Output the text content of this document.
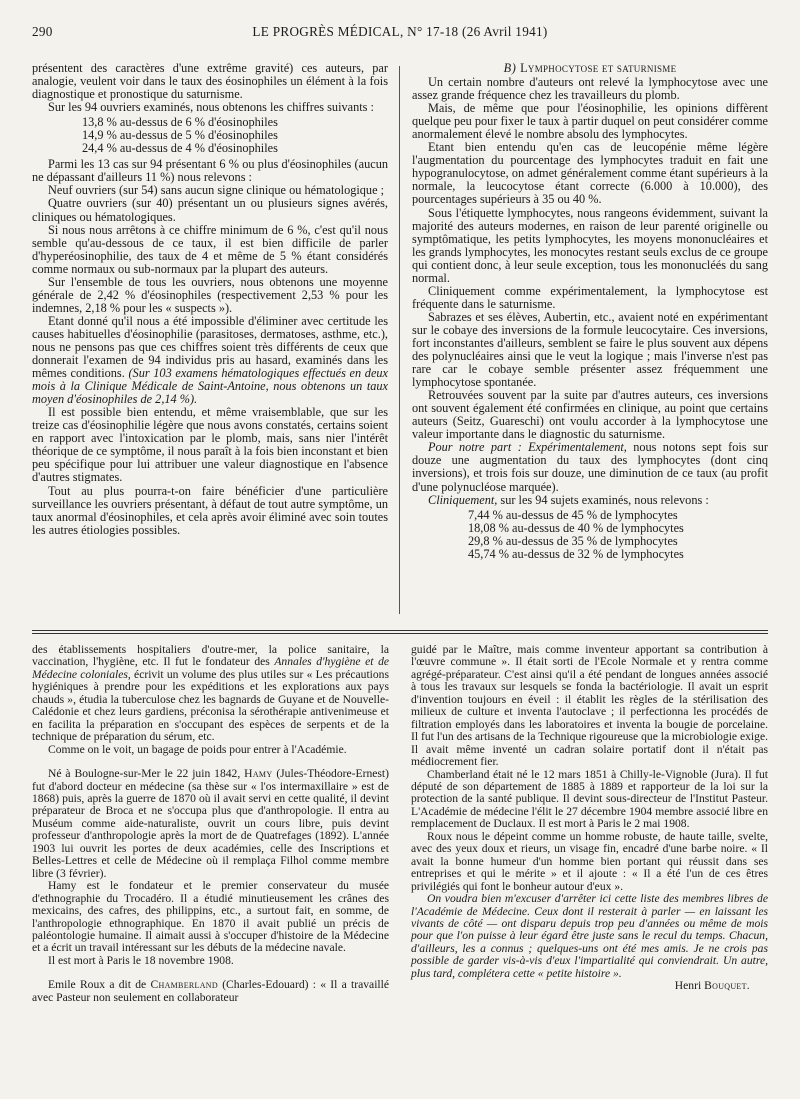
290	LE PROGRÈS MÉDICAL, N° 17-18 (26 Avril 1941)

présentent des caractères d'une extrême gravité) ces auteurs, par analogie, veulent voir dans le taux des éosinophiles un élément à la fois diagnostique et pronostique du saturnisme.

Sur les 94 ouvriers examinés, nous obtenons les chiffres suivants :

13,8 % au-dessus de 6 % d'éosinophiles
14,9 % au-dessus de 5 % d'éosinophiles
24,4 % au-dessus de 4 % d'éosinophiles

Parmi les 13 cas sur 94 présentant 6 % ou plus d'éosinophiles (aucun ne dépassant d'ailleurs 11 %) nous relevons :

Neuf ouvriers (sur 54) sans aucun signe clinique ou hématologique ;

Quatre ouvriers (sur 40) présentant un ou plusieurs signes avérés, cliniques ou hématologiques.

Si nous nous arrêtons à ce chiffre minimum de 6 %, c'est qu'il nous semble qu'au-dessous de ce taux, il est bien difficile de parler d'hyperéosinophilie, des taux de 4 et même de 5 % étant considérés comme normaux ou sub-normaux par la plupart des auteurs.

Sur l'ensemble de tous les ouvriers, nous obtenons une moyenne générale de 2,42 % d'éosinophiles (respectivement 2,53 % pour les indemnes, 2,18 % pour les « suspects »).

Etant donné qu'il nous a été impossible d'éliminer avec certitude les causes habituelles d'éosinophilie (parasitoses, dermatoses, asthme, etc.), nous ne pensons pas que ces chiffres soient très différents de ceux que donnerait l'examen de 94 individus pris au hasard, examinés dans les mêmes conditions. (Sur 103 examens hématologiques effectués en deux mois à la Clinique Médicale de Saint-Antoine, nous obtenons un taux moyen d'éosinophiles de 2,14 %).

Il est possible bien entendu, et même vraisemblable, que sur les treize cas d'éosinophilie légère que nous avons constatés, certains soient en rapport avec l'intoxication par le plomb, mais, sans nier l'intérêt théorique de ce symptôme, il nous paraît à la fois bien inconstant et bien peu spécifique pour lui attribuer une valeur diagnostique en l'absence d'autres stigmates.

Tout au plus pourra-t-on faire bénéficier d'une particulière surveillance les ouvriers présentant, à défaut de tout autre symptôme, un taux anormal d'éosinophiles, et cela après avoir éliminé avec soin toutes les autres étiologies possibles.

B) Lymphocytose et saturnisme

Un certain nombre d'auteurs ont relevé la lymphocytose avec une assez grande fréquence chez les travailleurs du plomb.

Mais, de même que pour l'éosinophilie, les opinions diffèrent quelque peu pour fixer le taux à partir duquel on peut considérer comme anormalement élevé le nombre absolu des lymphocytes.

Etant bien entendu qu'en cas de leucopénie même légère l'augmentation du pourcentage des lymphocytes traduit en fait une hypogranulocytose, on admet généralement comme étant supérieurs à la normale, la leucocytose étant correcte (6.000 à 10.000), des pourcentages supérieurs à 35 ou 40 %.

Sous l'étiquette lymphocytes, nous rangeons évidemment, suivant la majorité des auteurs modernes, en raison de leur parenté originelle ou symptômatique, les petits lymphocytes, les moyens mononucléaires et les grands lymphocytes, les monocytes restant seuls exclus de ce groupe qui contient donc, à leur seule exception, tous les mononucléés du sang normal.

Cliniquement comme expérimentalement, la lymphocytose est fréquente dans le saturnisme.

Sabrazes et ses élèves, Aubertin, etc., avaient noté en expérimentant sur le cobaye des inversions de la formule leucocytaire. Ces inversions, fort inconstantes d'ailleurs, semblent se faire le plus souvent aux dépens des polynucléaires ainsi que le veut la logique ; mais l'inverse n'est pas rare car le cobaye semble présenter assez fréquemment une lymphocytose spontanée.

Retrouvées souvent par la suite par d'autres auteurs, ces inversions ont souvent également été confirmées en clinique, au point que certains auteurs (Seitz, Guareschi) ont voulu accorder à la lymphocytose une valeur importante dans le diagnostic du saturnisme.

Pour notre part : Expérimentalement, nous notons sept fois sur douze une augmentation du taux des lymphocytes (dont cinq inversions), et trois fois sur douze, une diminution de ce taux (au profit d'une polynucléose marquée).

Cliniquement, sur les 94 sujets examinés, nous relevons :

7,44 % au-dessus de 45 % de lymphocytes
18,08 % au-dessus de 40 % de lymphocytes
29,8 % au-dessus de 35 % de lymphocytes
45,74 % au-dessus de 32 % de lymphocytes

des établissements hospitaliers d'outre-mer, la police sanitaire, la vaccination, l'hygiène, etc. Il fut le fondateur des Annales d'hygiène et de Médecine coloniales, écrivit un volume des plus utiles sur « Les précautions hygiéniques à prendre pour les expéditions et les explorations aux pays chauds », étudia la tuberculose chez les bagnards de Guyane et de Nouvelle-Calédonie et chez leurs gardiens, préconisa la sérothérapie antivenimeuse et en facilita la préparation en s'occupant des espèces de serpents et de la technique de préparation du sérum, etc.

Comme on le voit, un bagage de poids pour entrer à l'Académie.

Né à Boulogne-sur-Mer le 22 juin 1842, Hamy (Jules-Théodore-Ernest) fut d'abord docteur en médecine (sa thèse sur « l'os intermaxillaire » est de 1868) puis, après la guerre de 1870 où il avait servi en cette qualité, il devint préparateur de Broca et ne s'occupa plus que d'anthropologie. Il entra au Muséum comme aide-naturaliste, ouvrit un cours libre, puis devint professeur d'anthropologie après la mort de de Quatrefages (1892). L'année 1903 lui ouvrit les portes de deux académies, celle des Inscriptions et Belles-Lettres et celle de Médecine où il remplaça Filhol comme membre libre (3 février).

Hamy est le fondateur et le premier conservateur du musée d'ethnographie du Trocadéro. Il a étudié minutieusement les crânes des mexicains, des cafres, des philippins, etc., a surtout fait, en somme, de l'anthropologie ethnographique. En 1870 il avait publié un précis de paléontologie humaine. Il aimait aussi à s'occuper d'histoire de la Médecine et a écrit un travail intéressant sur les débuts de la médecine navale.

Il est mort à Paris le 18 novembre 1908.

Emile Roux a dit de Chamberland (Charles-Edouard) : « Il a travaillé avec Pasteur non seulement en collaborateur

guidé par le Maître, mais comme inventeur apportant sa contribution à l'œuvre commune ». Il était sorti de l'Ecole Normale et y rentra comme agrégé-préparateur. C'est ainsi qu'il a été pendant de longues années associé à tous les travaux sur lesquels se fonda la bactériologie. Il avait un esprit d'invention toujours en éveil : il établit les règles de la stérilisation des milieux de culture et inventa l'autoclave ; il perfectionna les procédés de filtration employés dans les laboratoires et inventa la bougie de porcelaine. Il fut l'un des artisans de la Technique rigoureuse que la microbiologie exige. Il avait même inventé un cadran solaire portatif dont il n'était pas médiocrement fier.

Chamberland était né le 12 mars 1851 à Chilly-le-Vignoble (Jura). Il fut député de son département de 1885 à 1889 et rapporteur de la loi sur la protection de la santé publique. Il devint sous-directeur de l'Institut Pasteur. L'Académie de médecine l'élit le 27 décembre 1904 membre associé libre en remplacement de Duclaux. Il est mort à Paris le 2 mai 1908.

Roux nous le dépeint comme un homme robuste, de haute taille, svelte, avec des yeux doux et rieurs, un visage fin, encadré d'une barbe noire. « Il avait la bonne humeur d'un homme bien portant qui réussit dans ses entreprises et qui le mérite » et il ajoute : « Il a été l'un de ces êtres privilégiés qui font le bonheur autour d'eux ».

On voudra bien m'excuser d'arrêter ici cette liste des membres libres de l'Académie de Médecine. Ceux dont il resterait à parler — en laissant les vivants de côté — ont disparu depuis trop peu d'années ou même de mois pour que l'on puisse à leur égard être juste sans le recul du temps. Chacun, d'ailleurs, les a connus ; quelques-uns ont été mes amis. Je ne crois pas possible de garder vis-à-vis d'eux l'impartialité qui conviendrait. Un autre, plus tard, complétera cette « petite histoire ».

Henri Bouquet.
